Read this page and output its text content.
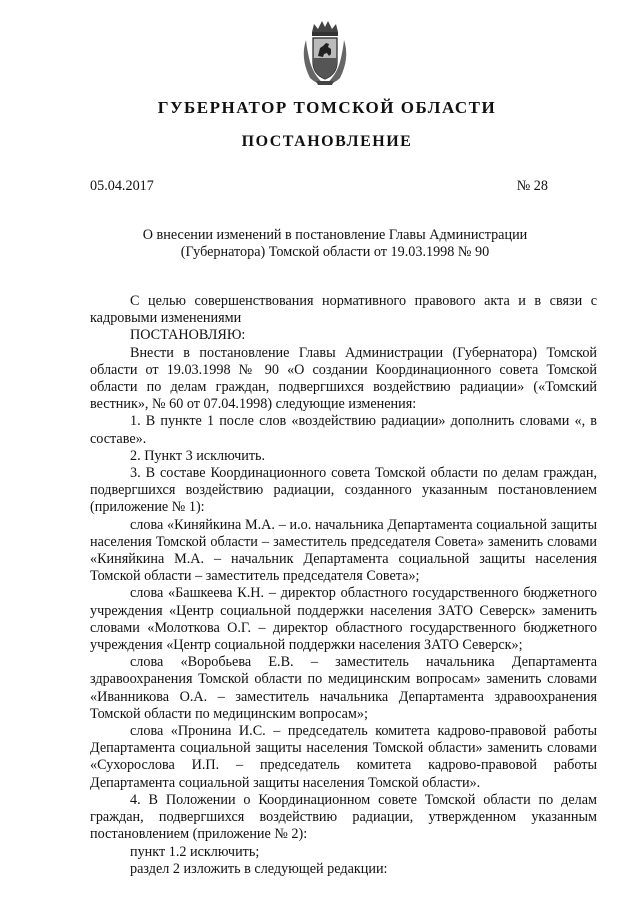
ГУБЕРНАТОР ТОМСКОЙ ОБЛАСТИ
ПОСТАНОВЛЕНИЕ
05.04.2017	№ 28
О внесении изменений в постановление Главы Администрации
(Губернатора) Томской области от 19.03.1998 № 90

С целью совершенствования нормативного правового акта и в связи с кадровыми изменениями

ПОСТАНОВЛЯЮ:

Внести в постановление Главы Администрации (Губернатора) Томской области от 19.03.1998 № 90 «О создании Координационного совета Томской области по делам граждан, подвергшихся воздействию радиации» («Томский вестник», № 60 от 07.04.1998) следующие изменения:

1. В пункте 1 после слов «воздействию радиации» дополнить словами «, в составе».

2. Пункт 3 исключить.

3. В составе Координационного совета Томской области по делам граждан, подвергшихся воздействию радиации, созданного указанным постановлением (приложение № 1):

слова «Киняйкина М.А. – и.о. начальника Департамента социальной защиты населения Томской области – заместитель председателя Совета» заменить словами «Киняйкина М.А. – начальник Департамента социальной защиты населения Томской области – заместитель председателя Совета»;

слова «Башкеева К.Н. – директор областного государственного бюджетного учреждения «Центр социальной поддержки населения ЗАТО Северск» заменить словами «Молоткова О.Г. – директор областного государственного бюджетного учреждения «Центр социальной поддержки населения ЗАТО Северск»;

слова «Воробьева Е.В. – заместитель начальника Департамента здравоохранения Томской области по медицинским вопросам» заменить словами «Иванникова О.А. – заместитель начальника Департамента здравоохранения Томской области по медицинским вопросам»;

слова «Пронина И.С. – председатель комитета кадрово-правовой работы Департамента социальной защиты населения Томской области» заменить словами «Сухорослова И.П. – председатель комитета кадрово-правовой работы Департамента социальной защиты населения Томской области».

4. В Положении о Координационном совете Томской области по делам граждан, подвергшихся воздействию радиации, утвержденном указанным постановлением (приложение № 2):

пункт 1.2 исключить;

раздел 2 изложить в следующей редакции:
